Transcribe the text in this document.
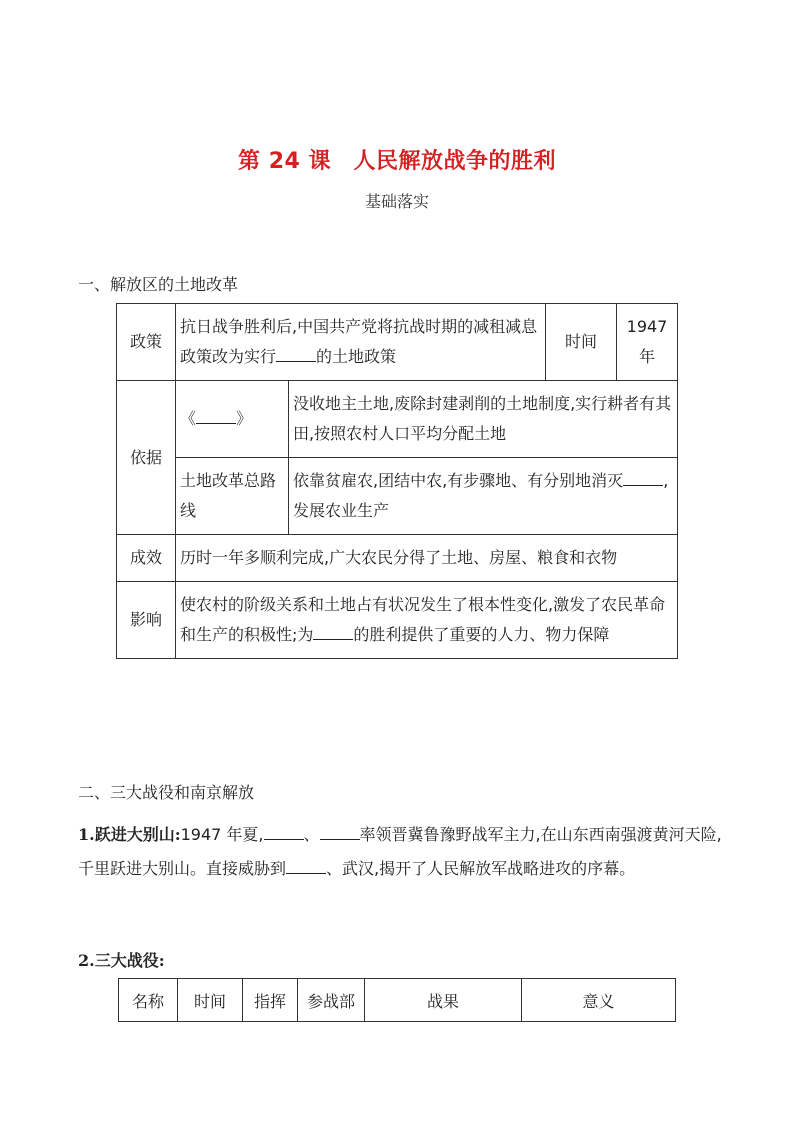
第 24 课　人民解放战争的胜利
基础落实
一、解放区的土地改革
政策	抗日战争胜利后,中国共产党将抗战时期的减租减息政策改为实行 的土地政策		时间	1947 年
依据	《 》	没收地主土地,废除封建剥削的土地制度,实行耕者有其田,按照农村人口平均分配土地		
	土地改革总路线	依靠贫雇农,团结中农,有步骤地、有分别地消灭 ,发展农业生产		
成效	历时一年多顺利完成,广大农民分得了土地、房屋、粮食和衣物			
影响	使农村的阶级关系和土地占有状况发生了根本性变化,激发了农民革命和生产的积极性;为 的胜利提供了重要的人力、物力保障			
二、三大战役和南京解放
1.跃进大别山:1947 年夏,	、	率领晋冀鲁豫野战军主力,在山东西南强渡黄河天险,千里跃进大别山。直接威胁到	、武汉,揭开了人民解放军战略进攻的序幕。
2.三大战役:
名称	时间	指挥	参战部	战果	意义
